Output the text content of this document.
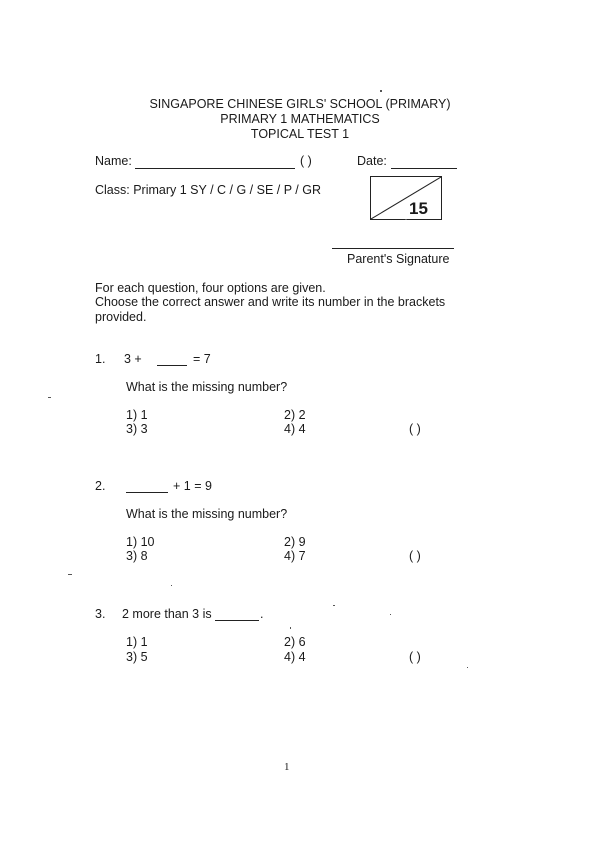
SINGAPORE CHINESE GIRLS' SCHOOL (PRIMARY)
PRIMARY 1 MATHEMATICS
TOPICAL TEST 1
Name:	( )	Date:
Class: Primary 1 SY / C / G / SE / P / GR
15
Parent's Signature
For each question, four options are given.
Choose the correct answer and write its number in the brackets
provided.
1. 3 +	= 7
What is the missing number?
1) 1	2) 2
3) 3	4) 4	( )
2.	+ 1 = 9
What is the missing number?
1) 10	2) 9
3) 8	4) 7	( )
3. 2 more than 3 is	.
1) 1	2) 6
3) 5	4) 4	( )
1
